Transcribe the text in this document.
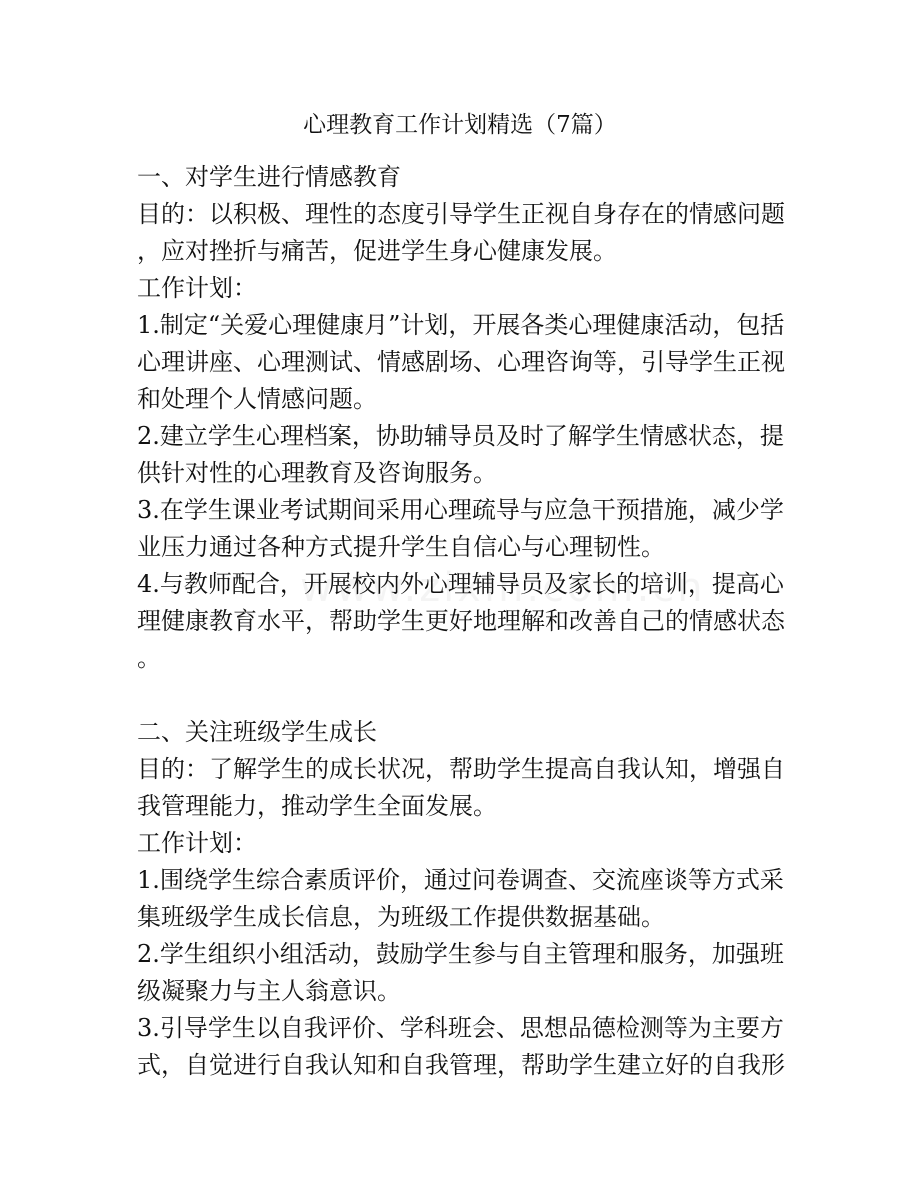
心理教育工作计划精选（7篇）
一、对学生进行情感教育
目的：以积极、理性的态度引导学生正视自身存在的情感问题
，应对挫折与痛苦，促进学生身心健康发展。
工作计划：
1.制定“关爱心理健康月”计划，开展各类心理健康活动，包括
心理讲座、心理测试、情感剧场、心理咨询等，引导学生正视
和处理个人情感问题。
2.建立学生心理档案，协助辅导员及时了解学生情感状态，提
供针对性的心理教育及咨询服务。
3.在学生课业考试期间采用心理疏导与应急干预措施，减少学
业压力通过各种方式提升学生自信心与心理韧性。
4.与教师配合，开展校内外心理辅导员及家长的培训，提高心
理健康教育水平，帮助学生更好地理解和改善自己的情感状态
。
二、关注班级学生成长
目的：了解学生的成长状况，帮助学生提高自我认知，增强自
我管理能力，推动学生全面发展。
工作计划：
1.围绕学生综合素质评价，通过问卷调查、交流座谈等方式采
集班级学生成长信息，为班级工作提供数据基础。
2.学生组织小组活动，鼓励学生参与自主管理和服务，加强班
级凝聚力与主人翁意识。
3.引导学生以自我评价、学科班会、思想品德检测等为主要方
式，自觉进行自我认知和自我管理，帮助学生建立好的自我形
